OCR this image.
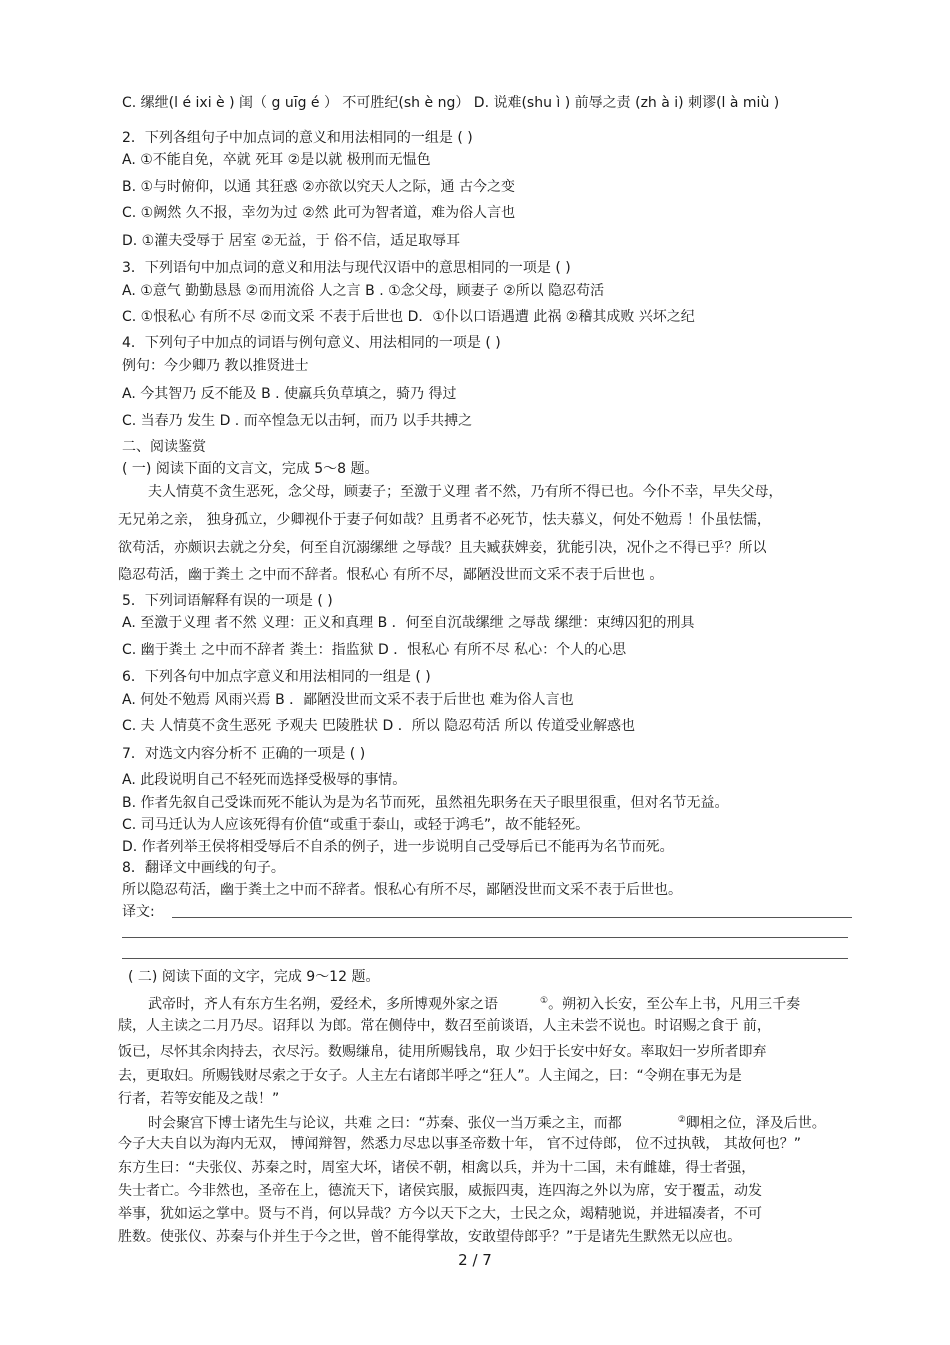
C. 缧绁(l é ixi è ) 闺（ g uīg é ） 不可胜纪(sh è ng） D. 说难(shu ì ) 前辱之责 (zh à i) 刺谬(l à miù )
2．下列各组句子中加点词的意义和用法相同的一组是 ( )
A. ①不能自免，卒就 死耳 ②是以就 极刑而无愠色
B. ①与时俯仰，以通 其狂惑 ②亦欲以究天人之际，通 古今之变
C. ①阙然 久不报，幸勿为过 ②然 此可为智者道，难为俗人言也
D. ①灌夫受辱于 居室 ②无益，于 俗不信，适足取辱耳
3．下列语句中加点词的意义和用法与现代汉语中的意思相同的一项是 ( )
A. ①意气 勤勤恳恳 ②而用流俗 人之言 B . ①念父母，顾妻子 ②所以 隐忍苟活
C. ①恨私心 有所不尽 ②而文采 不表于后世也 D．①仆以口语遇遭 此祸 ②稽其成败 兴坏之纪
4．下列句子中加点的词语与例句意义、用法相同的一项是 ( )
例句：今少卿乃 教以推贤进士
A. 今其智乃 反不能及 B . 使羸兵负草填之，骑乃 得过
C. 当春乃 发生 D . 而卒惶急无以击轲，而乃 以手共搏之
二、阅读鉴赏
( 一) 阅读下面的文言文，完成 5～8 题。
夫人情莫不贪生恶死，念父母，顾妻子；至激于义理 者不然，乃有所不得已也。今仆不幸，早失父母，
无兄弟之亲， 独身孤立，少卿视仆于妻子何如哉？且勇者不必死节，怯夫慕义，何处不勉焉 ！仆虽怯懦，
欲苟活，亦颇识去就之分矣，何至自沉溺缧绁 之辱哉？且夫臧获婢妾，犹能引决，况仆之不得已乎？所以
隐忍苟活，幽于粪土 之中而不辞者。恨私心 有所不尽，鄙陋没世而文采不表于后世也 。
5．下列词语解释有误的一项是 ( )
A. 至激于义理 者不然 义理：正义和真理 B ．何至自沉哉缧绁 之辱哉 缧绁：束缚囚犯的刑具
C. 幽于粪土 之中而不辞者 粪土：指监狱 D ．恨私心 有所不尽 私心：个人的心思
6．下列各句中加点字意义和用法相同的一组是 ( )
A. 何处不勉焉 风雨兴焉 B ．鄙陋没世而文采不表于后世也 难为俗人言也
C. 夫 人情莫不贪生恶死 予观夫 巴陵胜状 D ．所以 隐忍苟活 所以 传道受业解惑也
7．对选文内容分析不 正确的一项是 ( )
A. 此段说明自己不轻死而选择受极辱的事情。
B. 作者先叙自己受诛而死不能认为是为名节而死，虽然祖先职务在天子眼里很重，但对名节无益。
C. 司马迁认为人应该死得有价值“或重于泰山，或轻于鸿毛”，故不能轻死。
D. 作者列举王侯将相受辱后不自杀的例子，进一步说明自己受辱后已不能再为名节而死。
8．翻译文中画线的句子。
所以隐忍苟活，幽于粪土之中而不辞者。恨私心有所不尽，鄙陋没世而文采不表于后世也。
译文:
( 二) 阅读下面的文字，完成 9～12 题。
武帝时，齐人有东方生名朔，爱经术，多所博观外家之语	①。朔初入长安，至公车上书，凡用三千奏
牍，人主读之二月乃尽。诏拜以 为郎。常在侧侍中，数召至前谈语，人主未尝不说也。时诏赐之食于 前，
饭已，尽怀其余肉持去，衣尽污。数赐缣帛，徒用所赐钱帛，取 少妇于长安中好女。率取妇一岁所者即弃
去，更取妇。所赐钱财尽索之于女子。人主左右诸郎半呼之“狂人”。人主闻之，曰：“令朔在事无为是
行者，若等安能及之哉！”
时会聚宫下博士诸先生与论议，共难 之曰：“苏秦、张仪一当万乘之主，而都	②卿相之位，泽及后世。
今子大夫自以为海内无双， 博闻辩智，然悉力尽忠以事圣帝数十年， 官不过侍郎， 位不过执戟， 其故何也？”
东方生曰：“夫张仪、苏秦之时，周室大坏，诸侯不朝，相禽以兵，并为十二国，未有雌雄，得士者强，
失士者亡。今非然也，圣帝在上，德流天下，诸侯宾服，威振四夷，连四海之外以为席，安于覆盂，动发
举事，犹如运之掌中。贤与不肖，何以异哉？方今以天下之大，士民之众，竭精驰说，并进辐凑者，不可
胜数。使张仪、苏秦与仆并生于今之世，曾不能得掌故，安敢望侍郎乎？”于是诸先生默然无以应也。
2 / 7
